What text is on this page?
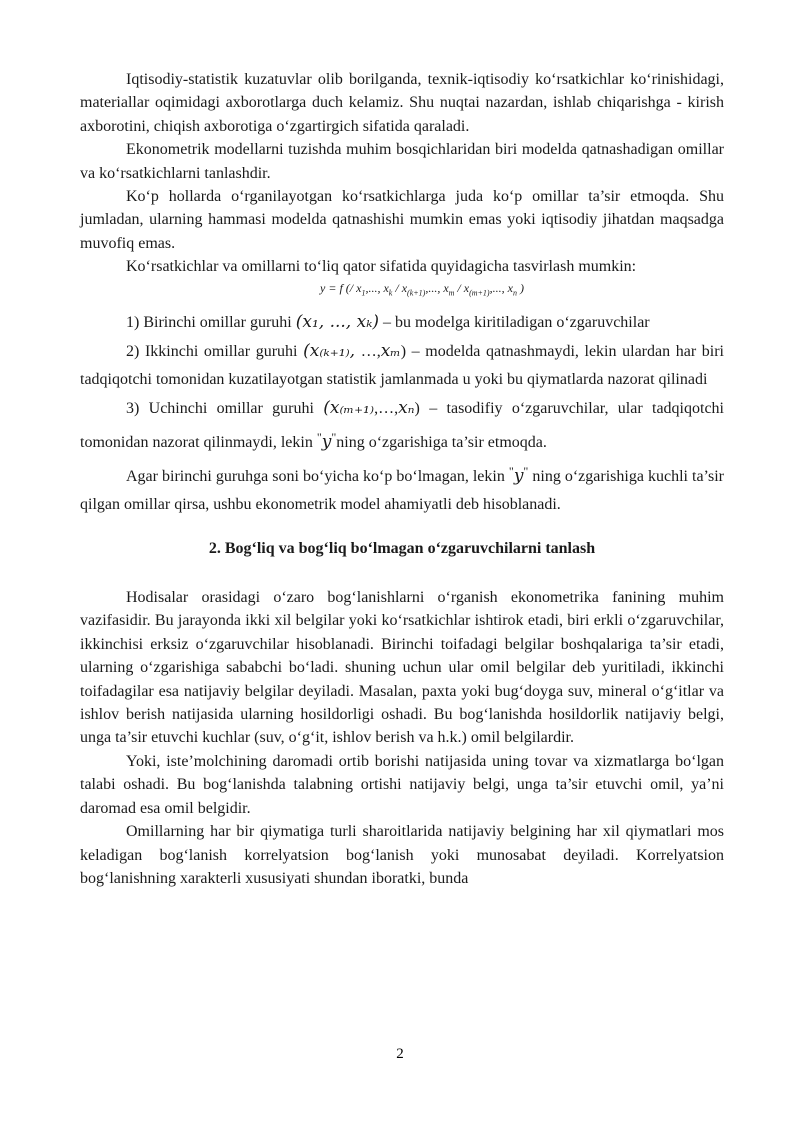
Iqtisodiy-statistik kuzatuvlar olib borilganda, texnik-iqtisodiy koʻrsatkichlar koʻrinishidagi, materiallar oqimidagi axborotlarga duch kelamiz. Shu nuqtai nazardan, ishlab chiqarishga - kirish axborotini, chiqish axborotiga oʻzgartirgich sifatida qaraladi.

Ekonometrik modellarni tuzishda muhim bosqichlaridan biri modelda qatnashadigan omillar va koʻrsatkichlarni tanlashdir.

Koʻp hollarda oʻrganilayotgan koʻrsatkichlarga juda koʻp omillar ta’sir etmoqda. Shu jumladan, ularning hammasi modelda qatnashishi mumkin emas yoki iqtisodiy jihatdan maqsadga muvofiq emas.

Koʻrsatkichlar va omillarni toʻliq qator sifatida quyidagicha tasvirlash mumkin:

y = f (/ $x_1$,..., $x_k / x_{(k+1)}$,..., $x_m / x_{(m+1)}$,..., $x_n$ )

1) Birinchi omillar guruhi (x₁, ..., xₖ) – bu modelga kiritiladigan oʻzgaruvchilar

2) Ikkinchi omillar guruhi (x₍ₖ₊₁₎, …,xₘ) – modelda qatnashmaydi, lekin ulardan har biri tadqiqotchi tomonidan kuzatilayotgan statistik jamlanmada u yoki bu qiymatlarda nazorat qilinadi

3) Uchinchi omillar guruhi (x₍ₘ₊₁₎,…,xₙ) – tasodifiy oʻzgaruvchilar, ular tadqiqotchi tomonidan nazorat qilinmaydi, lekin "y"ning oʻzgarishiga ta’sir etmoqda.

Agar birinchi guruhga soni boʻyicha koʻp boʻlmagan, lekin "y" ning oʻzgarishiga kuchli ta’sir qilgan omillar qirsa, ushbu ekonometrik model ahamiyatli deb hisoblanadi.

2. Bogʻliq va bogʻliq boʻlmagan oʻzgaruvchilarni tanlash

Hodisalar orasidagi oʻzaro bogʻlanishlarni oʻrganish ekonometrika fanining muhim vazifasidir. Bu jarayonda ikki xil belgilar yoki koʻrsatkichlar ishtirok etadi, biri erkli oʻzgaruvchilar, ikkinchisi erksiz oʻzgaruvchilar hisoblanadi. Birinchi toifadagi belgilar boshqalariga ta’sir etadi, ularning oʻzgarishiga sababchi boʻladi. shuning uchun ular omil belgilar deb yuritiladi, ikkinchi toifadagilar esa natijaviy belgilar deyiladi. Masalan, paxta yoki bugʻdoyga suv, mineral oʻgʻitlar va ishlov berish natijasida ularning hosildorligi oshadi. Bu bogʻlanishda hosildorlik natijaviy belgi, unga ta’sir etuvchi kuchlar (suv, oʻgʻit, ishlov berish va h.k.) omil belgilardir.

Yoki, iste’molchining daromadi ortib borishi natijasida uning tovar va xizmatlarga boʻlgan talabi oshadi. Bu bogʻlanishda talabning ortishi natijaviy belgi, unga ta’sir etuvchi omil, ya’ni daromad esa omil belgidir.

Omillarning har bir qiymatiga turli sharoitlarida natijaviy belgining har xil qiymatlari mos keladigan bogʻlanish korrelyatsion bogʻlanish yoki munosabat deyiladi. Korrelyatsion bogʻlanishning xarakterli xususiyati shundan iboratki, bunda

2
